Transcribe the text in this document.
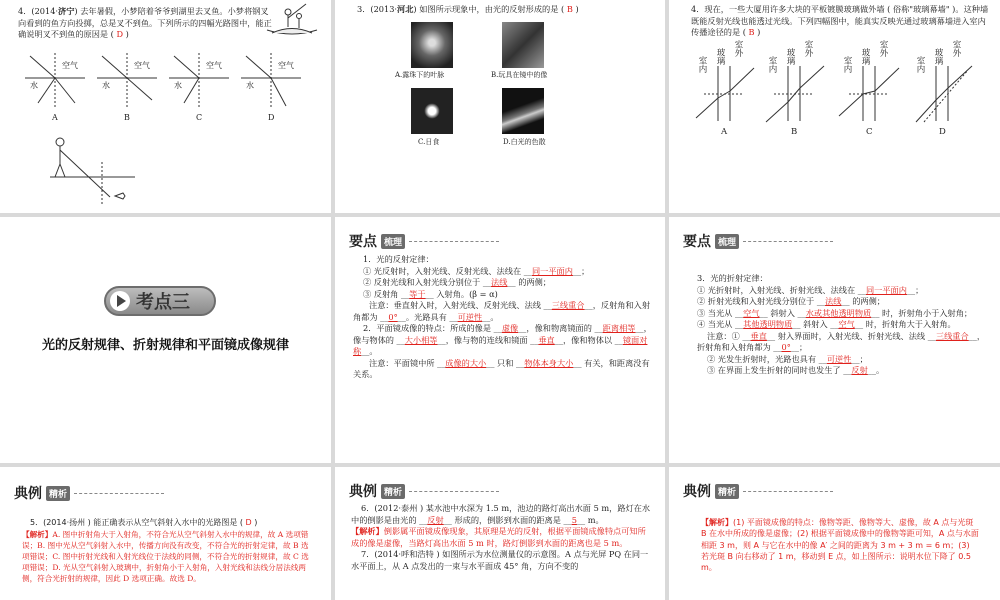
4．(2014·济宁) 去年暑假，小梦陪着爷爷到湖里去叉鱼。小梦将钢叉向看到的鱼方向投掷，总是叉不到鱼。下列所示的四幅光路图中，能正确说明叉不到鱼的原因是 ( D )
空气
水
A
空气
水
B
空气
水
C
空气
水
D
3．(2013·河北) 如图所示现象中，由光的反射形成的是 ( B )
A.露珠下的叶脉	B.玩具在镜中的像
C.日食	D.白光的色散
4．现在，一些大厦用许多大块的平板镀膜玻璃做外墙 ( 俗称"玻璃幕墙" )。这种墙既能反射光线也能透过光线。下列四幅图中，能真实反映光通过玻璃幕墙进入室内传播途径的是 ( B )
室内 玻璃 室外
A
室内 玻璃 室外
B
室内 玻璃 室外
C
室内 玻璃 室外
D
考点三
光的反射规律、折射规律和平面镜成像规律
要点 梳理
1．光的反射定律：
① 光反射时，入射光线、反射光线、法线在 __同一平面内__；
② 反射光线和入射光线分别位于 __法线__ 的两侧；
③ 反射角 __等于__ 入射角。(β = α)
注意：垂直射入时，入射光线、反射光线、法线 __三线重合__，反射角和入射角都为 __0°__。光路具有 __可逆性__。
2．平面镜成像的特点：所成的像是 __虚像__，像和物离镜面的 __距离相等__，像与物体的 __大小相等__，像与物的连线和镜面 __垂直__，像和物体以 __镜面对称__。
注意：平面镜中所 __成像的大小__ 只和 __物体本身大小__ 有关，和距离没有关系。
要点 梳理
3．光的折射定律：
① 光折射时，入射光线、折射光线、法线在 __同一平面内__；
② 折射光线和入射光线分别位于 __法线__ 的两侧；
③ 当光从 __空气__ 斜射入 __水或其他透明物质__ 时，折射角小于入射角；
④ 当光从 __其他透明物质__ 斜射入 __空气__ 时，折射角大于入射角。
注意：① __垂直__ 射入界面时，入射光线、折射光线、法线 __三线重合__，折射角和入射角都为 __0°__；
② 光发生折射时，光路也具有 __可逆性__；
③ 在界面上发生折射的同时也发生了 __反射__。
典例 精析
5．(2014·扬州 ) 能正确表示从空气斜射入水中的光路图是 ( D )
【解析】A. 图中折射角大于入射角，不符合光从空气斜射入水中的规律，故 A 选项错误；B. 图中光从空气斜射入水中，传播方向没有改变，不符合光的折射定律，故 B 选项错误；C. 图中折射光线和入射光线位于法线的同侧，不符合光的折射规律，故 C 选项错误；D. 光从空气斜射入玻璃中，折射角小于入射角，入射光线和法线分居法线两侧，符合光折射的规律，因此 D 选项正确。故选 D。
典例 精析
6．(2012·泰州 ) 某水池中水深为 1.5 m，池边的路灯高出水面 5 m，路灯在水中的倒影是由光的 __反射__ 形成的，倒影到水面的距离是 __5__ m。
【解析】倒影属平面镜成像现象，其原理是光的反射，根据平面镜成像特点可知所成的像是虚像，当路灯高出水面 5 m 时，路灯倒影到水面的距离也是 5 m。
7．(2014·呼和浩特 ) 如图所示为水位测量仪的示意图。A 点与光屏 PQ 在同一水平面上，从 A 点发出的一束与水平面成 45° 角，方向不变的
典例 精析
【解析】(1) 平面镜成像的特点：像物等距、像物等大、虚像，故 A 点与光斑 B 在水中所成的像是虚像；(2) 根据平面镜成像中的像物等距可知，A 点与水面相距 3 m，则 A 与它在水中的像 A′ 之间的距离为 3 m + 3 m = 6 m；(3) 若光斑 B 向右移动了 1 m，移动到 E 点，如上图所示：说明水位下降了 0.5 m。
